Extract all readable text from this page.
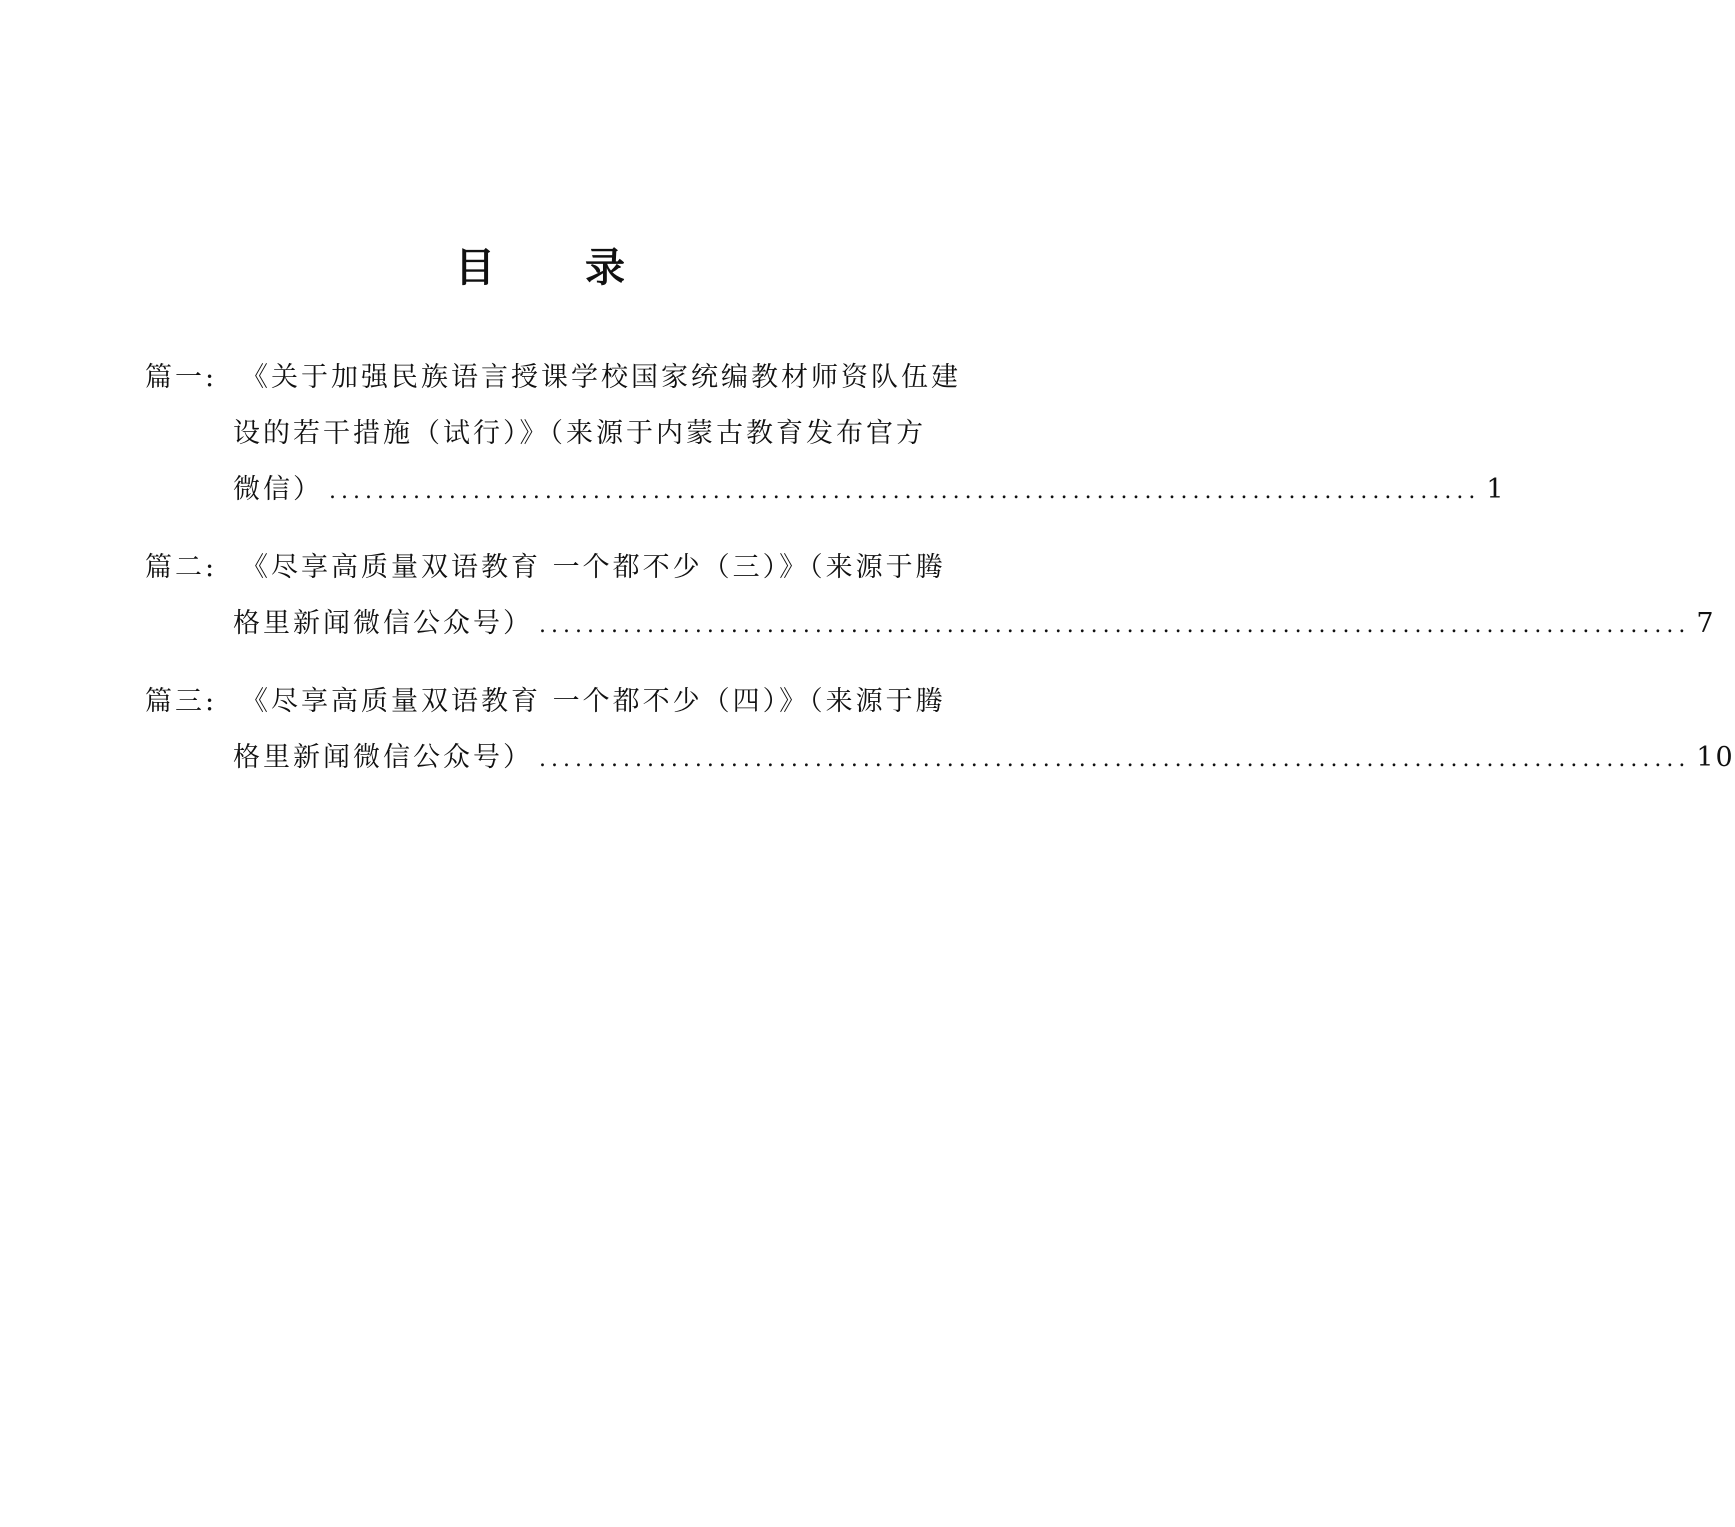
目 录
篇一: 《关于加强民族语言授课学校国家统编教材师资队伍建
设的若干措施（试行）》（来源于内蒙古教育发布官方
微信） ................................................................................................ 1
篇二: 《尽享高质量双语教育 一个都不少（三）》（来源于腾
格里新闻微信公众号） ................................................................................................ 7
篇三: 《尽享高质量双语教育 一个都不少（四）》（来源于腾
格里新闻微信公众号） ................................................................................................ 10
